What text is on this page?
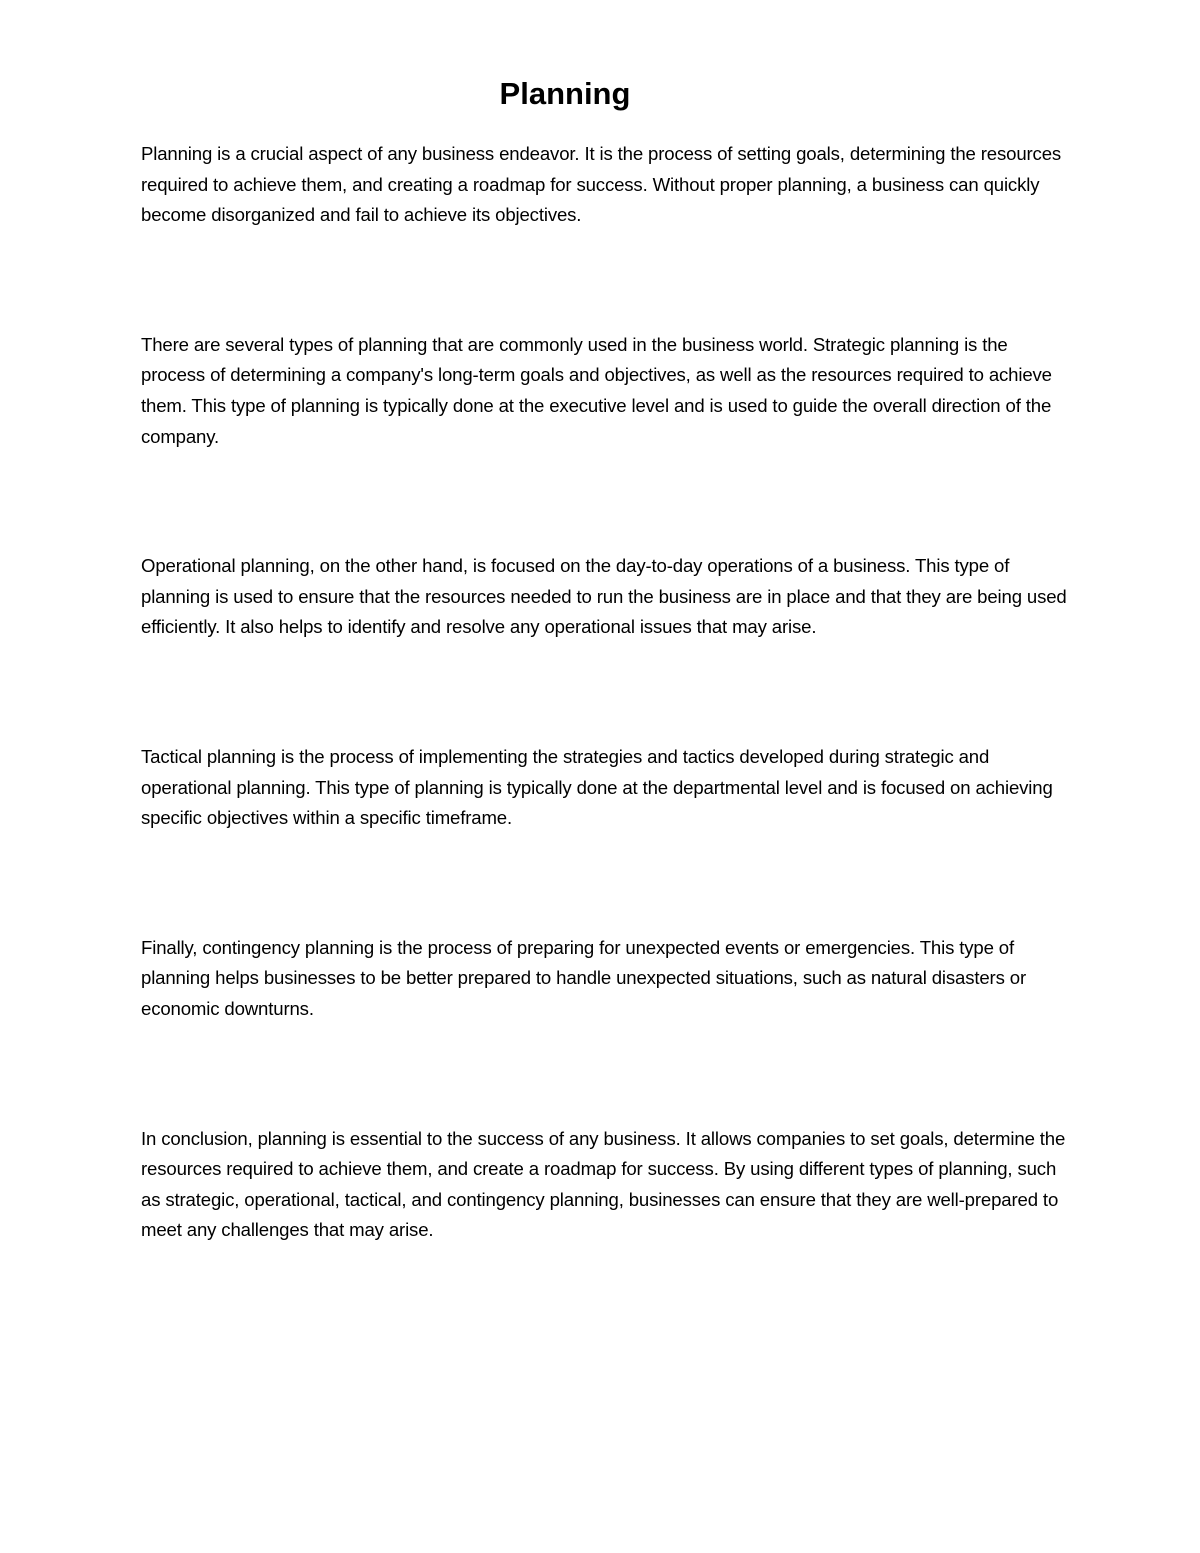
Planning

Planning is a crucial aspect of any business endeavor. It is the process of setting goals, determining the resources required to achieve them, and creating a roadmap for success. Without proper planning, a business can quickly become disorganized and fail to achieve its objectives.

There are several types of planning that are commonly used in the business world. Strategic planning is the process of determining a company's long-term goals and objectives, as well as the resources required to achieve them. This type of planning is typically done at the executive level and is used to guide the overall direction of the company.

Operational planning, on the other hand, is focused on the day-to-day operations of a business. This type of planning is used to ensure that the resources needed to run the business are in place and that they are being used efficiently. It also helps to identify and resolve any operational issues that may arise.

Tactical planning is the process of implementing the strategies and tactics developed during strategic and operational planning. This type of planning is typically done at the departmental level and is focused on achieving specific objectives within a specific timeframe.

Finally, contingency planning is the process of preparing for unexpected events or emergencies. This type of planning helps businesses to be better prepared to handle unexpected situations, such as natural disasters or economic downturns.

In conclusion, planning is essential to the success of any business. It allows companies to set goals, determine the resources required to achieve them, and create a roadmap for success. By using different types of planning, such as strategic, operational, tactical, and contingency planning, businesses can ensure that they are well-prepared to meet any challenges that may arise.
